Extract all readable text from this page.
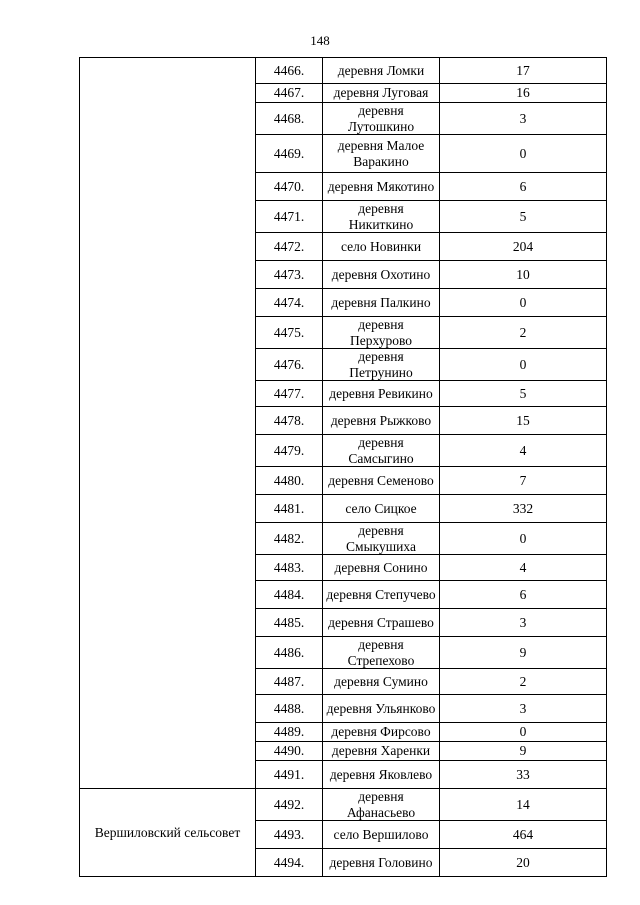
148
	4466.	деревня Ломки	17
	4467.	деревня Луговая	16
	4468.	деревня Лутошкино	3
	4469.	деревня Малое Варакино	0
	4470.	деревня Мякотино	6
	4471.	деревня Никиткино	5
	4472.	село Новинки	204
	4473.	деревня Охотино	10
	4474.	деревня Палкино	0
	4475.	деревня Перхурово	2
	4476.	деревня Петрунино	0
	4477.	деревня Ревикино	5
	4478.	деревня Рыжково	15
	4479.	деревня Самсыгино	4
	4480.	деревня Семеново	7
	4481.	село Сицкое	332
	4482.	деревня Смыкушиха	0
	4483.	деревня Сонино	4
	4484.	деревня Степучево	6
	4485.	деревня Страшево	3
	4486.	деревня Стрепехово	9
	4487.	деревня Сумино	2
	4488.	деревня Ульянково	3
	4489.	деревня Фирсово	0
	4490.	деревня Харенки	9
	4491.	деревня Яковлево	33
Вершиловский сельсовет	4492.	деревня Афанасьево	14
	4493.	село Вершилово	464
	4494.	деревня Головино	20
